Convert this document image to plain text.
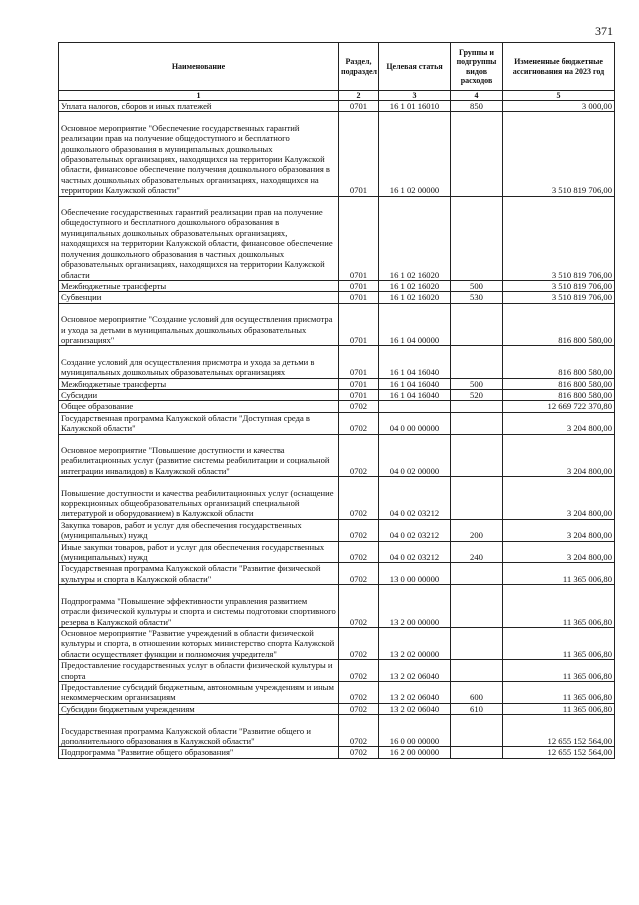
371
Наименование	Раздел, подраздел	Целевая статья	Группы и подгруппы видов расходов	Измененные бюджетные ассигнования на 2023 год
1	2	3	4	5
Уплата налогов, сборов и иных платежей	0701	16 1 01 16010	850	3 000,00

Основное мероприятие "Обеспечение государственных гарантий реализации прав на получение общедоступного и бесплатного дошкольного образования в муниципальных дошкольных образовательных организациях, находящихся на территории Калужской области, финансовое обеспечение получения дошкольного образования в частных дошкольных образовательных организациях, находящихся на территории Калужской области"	0701	16 1 02 00000		3 510 819 706,00

Обеспечение государственных гарантий реализации прав на получение общедоступного и бесплатного дошкольного образования в муниципальных дошкольных образовательных организациях, находящихся на территории Калужской области, финансовое обеспечение получения дошкольного образования в частных дошкольных образовательных организациях, находящихся на территории Калужской области	0701	16 1 02 16020		3 510 819 706,00
Межбюджетные трансферты	0701	16 1 02 16020	500	3 510 819 706,00
Субвенции	0701	16 1 02 16020	530	3 510 819 706,00

Основное мероприятие "Создание условий для осуществления присмотра и ухода за детьми в муниципальных дошкольных образовательных организациях"	0701	16 1 04 00000		816 800 580,00

Создание условий для осуществления присмотра и ухода за детьми в муниципальных дошкольных образовательных организациях	0701	16 1 04 16040		816 800 580,00
Межбюджетные трансферты	0701	16 1 04 16040	500	816 800 580,00
Субсидии	0701	16 1 04 16040	520	816 800 580,00
Общее образование	0702			12 669 722 370,80
Государственная программа Калужской области "Доступная среда в Калужской области"	0702	04 0 00 00000		3 204 800,00

Основное мероприятие "Повышение доступности и качества реабилитационных услуг (развитие системы реабилитации и социальной интеграции инвалидов) в Калужской области"	0702	04 0 02 00000		3 204 800,00

Повышение доступности и качества реабилитационных услуг (оснащение коррекционных общеобразовательных организаций специальной литературой и оборудованием) в Калужской области	0702	04 0 02 03212		3 204 800,00
Закупка товаров, работ и услуг для обеспечения государственных (муниципальных) нужд	0702	04 0 02 03212	200	3 204 800,00
Иные закупки товаров, работ и услуг для обеспечения государственных (муниципальных) нужд	0702	04 0 02 03212	240	3 204 800,00
Государственная программа Калужской области "Развитие физической культуры и спорта в Калужской области"	0702	13 0 00 00000		11 365 006,80

Подпрограмма "Повышение эффективности управления развитием отрасли физической культуры и спорта и системы подготовки спортивного резерва в Калужской области"	0702	13 2 00 00000		11 365 006,80
Основное мероприятие "Развитие учреждений в области физической культуры и спорта, в отношении которых министерство спорта Калужской области осуществляет функции и полномочия учредителя"	0702	13 2 02 00000		11 365 006,80
Предоставление государственных услуг в области физической культуры и спорта	0702	13 2 02 06040		11 365 006,80
Предоставление субсидий бюджетным, автономным учреждениям и иным некоммерческим организациям	0702	13 2 02 06040	600	11 365 006,80
Субсидии бюджетным учреждениям	0702	13 2 02 06040	610	11 365 006,80

Государственная программа Калужской области "Развитие общего и дополнительного образования в Калужской области"	0702	16 0 00 00000		12 655 152 564,00
Подпрограмма "Развитие общего образования"	0702	16 2 00 00000		12 655 152 564,00
